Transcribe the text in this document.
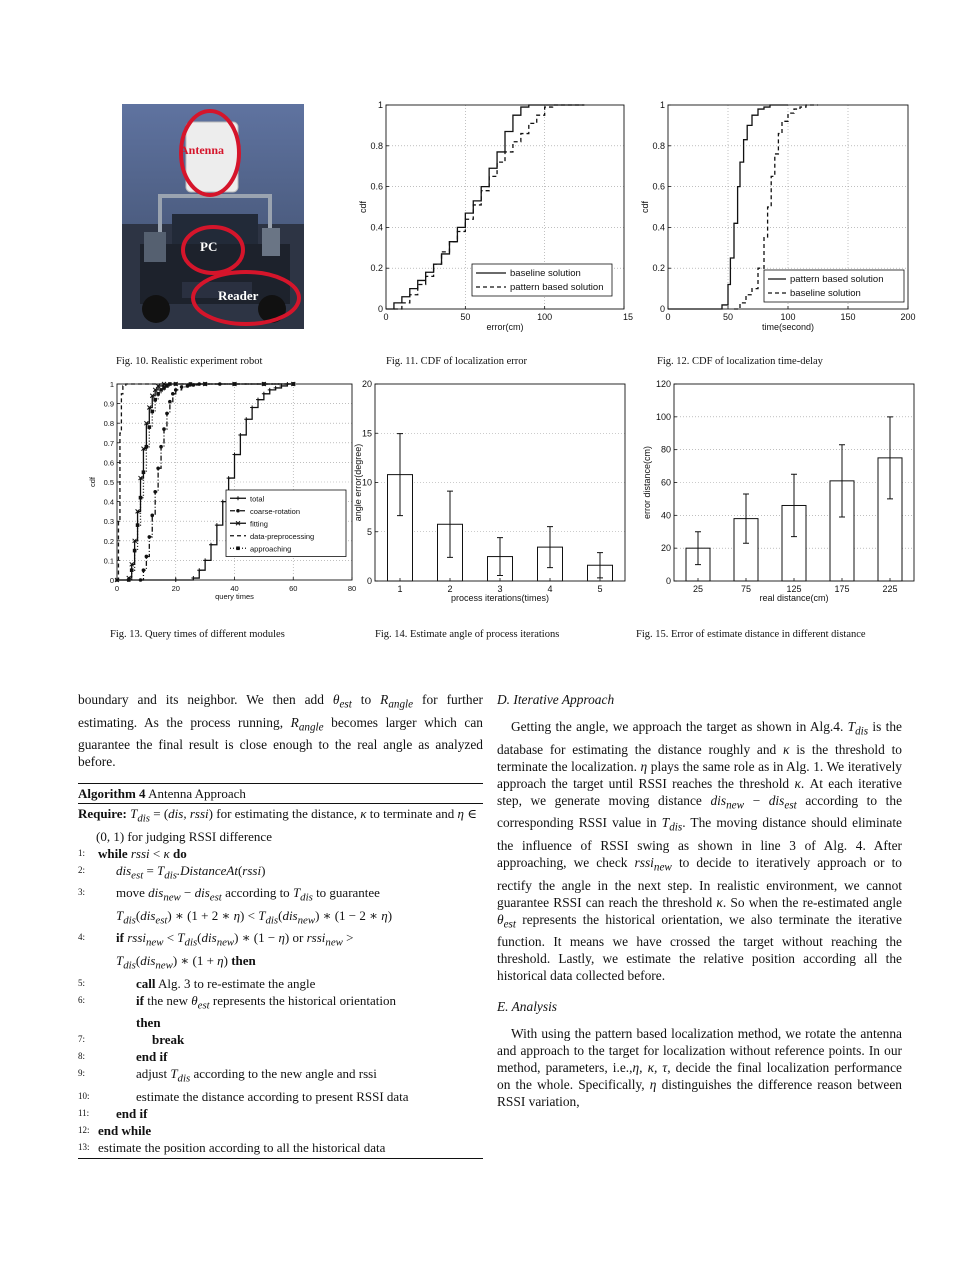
Antenna
PC
Reader
0
0.2
0.4
0.6
0.8
1
0	50	100	15
error(cm)
cdf
baseline solution
pattern based solution
0
0.2
0.4
0.6
0.8
1
0	50	100	150	200
time(second)
cdf
pattern based solution
baseline solution
0
0.1
0.2
0.3
0.4
0.5
0.6
0.7
0.8
0.9
1
0	20	40	60	80
query times
cdf
total
coarse-rotation
fitting
data-preprocessing
approaching
0
5
10
15
20
process iterations(times)
angle error(degree)
1	2	3	4	5
0
20
40
60
80
100
120
real distance(cm)
error distance(cm)
25	75	125	175	225
Fig. 10. Realistic experiment robot	Fig. 11. CDF of localization error	Fig. 12. CDF of localization time-delay
Fig. 13. Query times of different modules	Fig. 14. Estimate angle of process iterations	Fig. 15. Error of estimate distance in different distance

boundary and its neighbor. We then add $\theta_{est}$ to $R_{angle}$ for further estimating. As the process running, $R_{angle}$ becomes larger which can guarantee the final result is close enough to the real angle as analyzed before.

Algorithm 4 Antenna Approach
Require: $T_{dis} = (dis$, rssi) for estimating the distance, κ to terminate and η ∈ (0, 1) for judging RSSI difference
1: while rssi < κ do
2:	$dis_{est} = T_{dis}.DistanceAt(rssi)$
3:	move dis$_{new}$ − dis$_{est}$ according to $T_{dis}$ to guarantee
$T_{dis}(dis_{est})$ ∗ (1 + 2 ∗ $\eta) < T_{dis}(dis_{new})$ ∗ (1 − 2 ∗ η)
4:	if rssi$_{new}$ < $T_{dis}(dis_{new})$ ∗ (1 − η) or rssi$_{new}$ >
$T_{dis}(dis_{new})$ ∗ (1 + η) then
5:	call Alg. 3 to re-estimate the angle
6:	if the new $\theta_{est}$ represents the historical orientation
then
7:	break
8:	end if
9:	adjust $T_{dis}$ according to the new angle and rssi
10:	estimate the distance according to present RSSI data
11:	end if
12: end while
13: estimate the position according to all the historical data

D. Iterative Approach

Getting the angle, we approach the target as shown in Alg.4. $T_{dis}$ is the database for estimating the distance roughly and κ is the threshold to terminate the localization. η plays the same role as in Alg. 1. We iteratively approach the target until RSSI reaches the threshold κ. At each iterative step, we generate moving distance dis$_{new}$ − dis$_{est}$ according to the corresponding RSSI value in $T_{dis}$. The moving distance should eliminate the influence of RSSI swing as shown in line 3 of Alg. 4. After approaching, we check rssi$_{new}$ to decide to iteratively approach or to rectify the angle in the next step. In realistic environment, we cannot guarantee RSSI can reach the threshold κ. So when the re-estimated angle $\theta_{est}$ represents the historical orientation, we also terminate the iterative function. It means we have crossed the target without reaching the threshold. Lastly, we estimate the relative position according all the historical data collected before.

E. Analysis

With using the pattern based localization method, we rotate the antenna and approach to the target for localization without reference points. In our method, parameters, i.e.,η, κ, τ, decide the final localization performance on the whole. Specifically, η distinguishes the difference reason between RSSI variation,
